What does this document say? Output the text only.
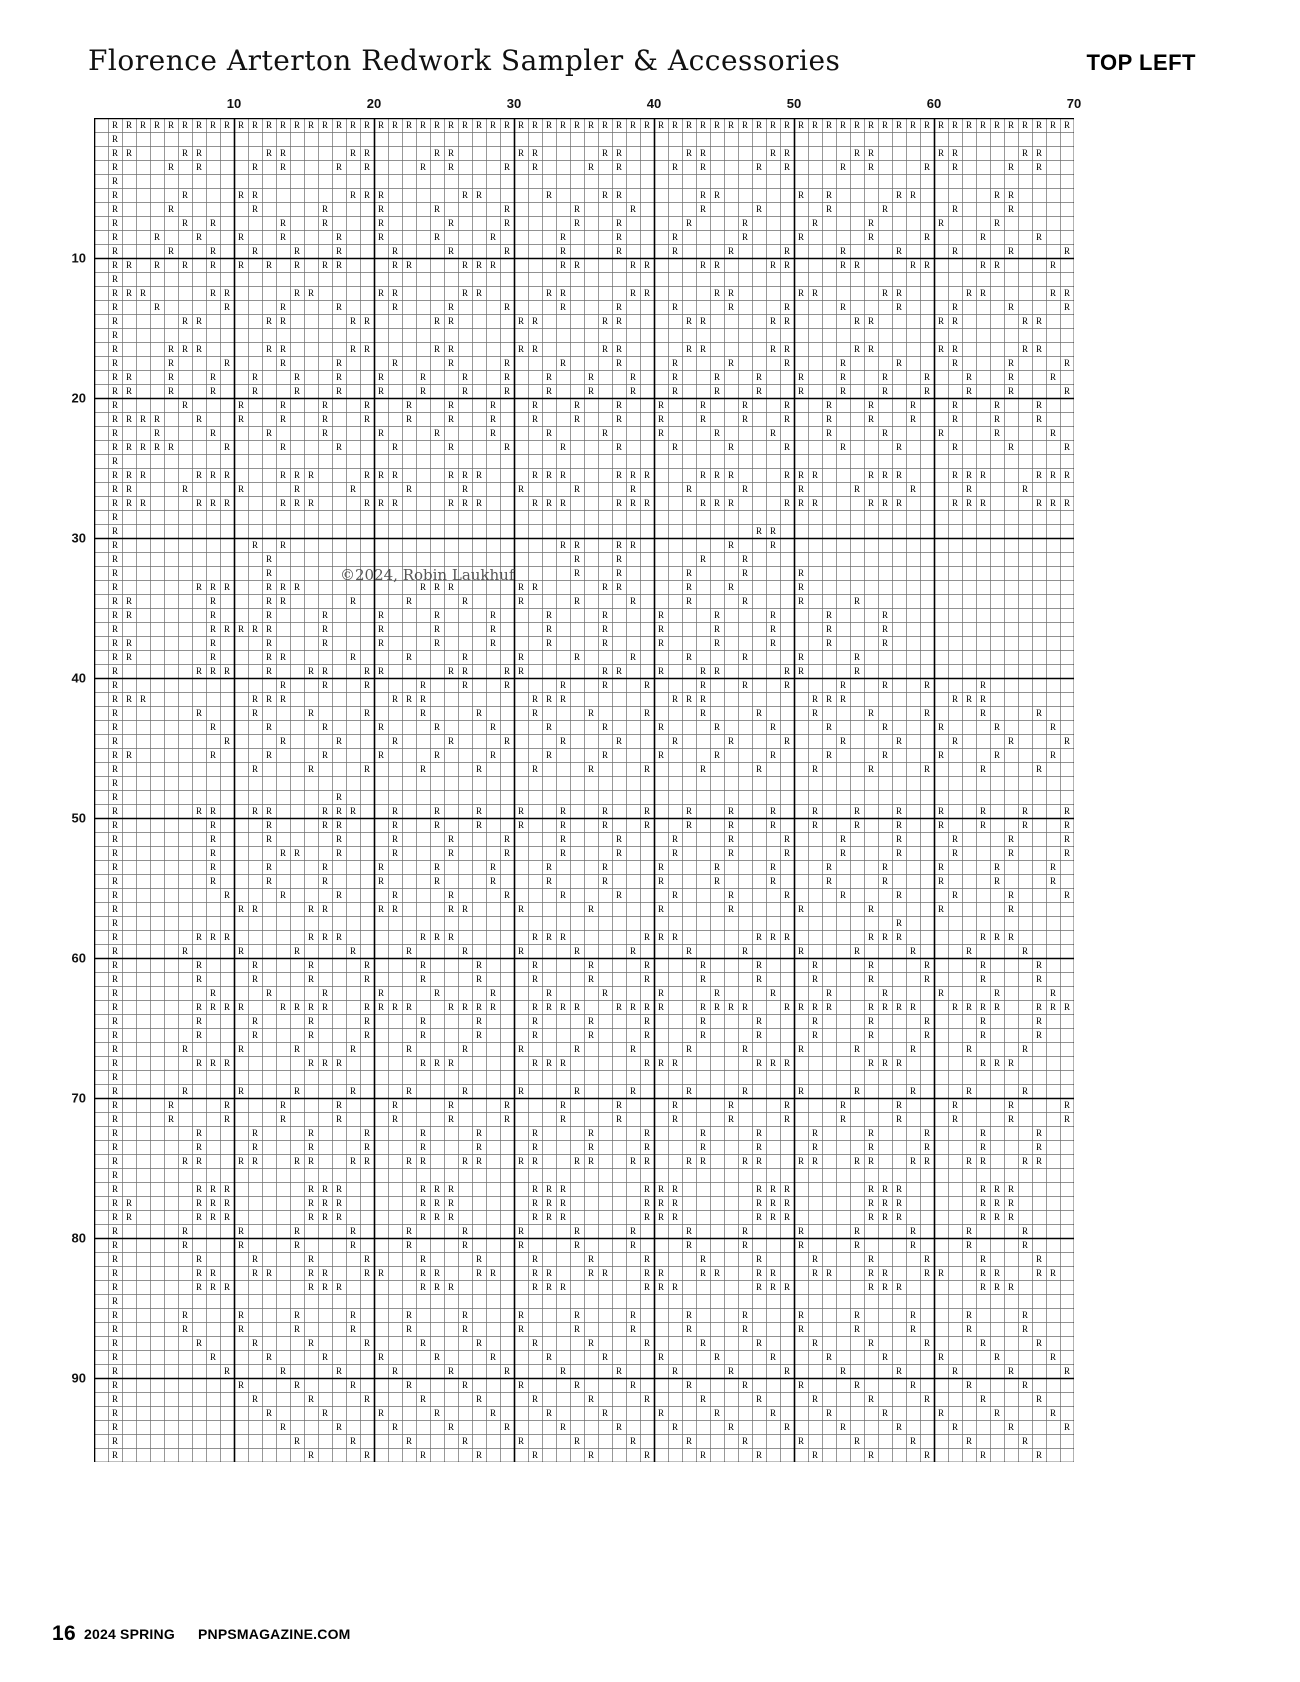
Florence Arterton Redwork Sampler & Accessories	TOP LEFT
10	20	30	40	50	60	70
10
20
30
40
50
60
70
80
90
©2024, Robin Laukhuf
16 2024 SPRING PNPSMAGAZINE.COM
